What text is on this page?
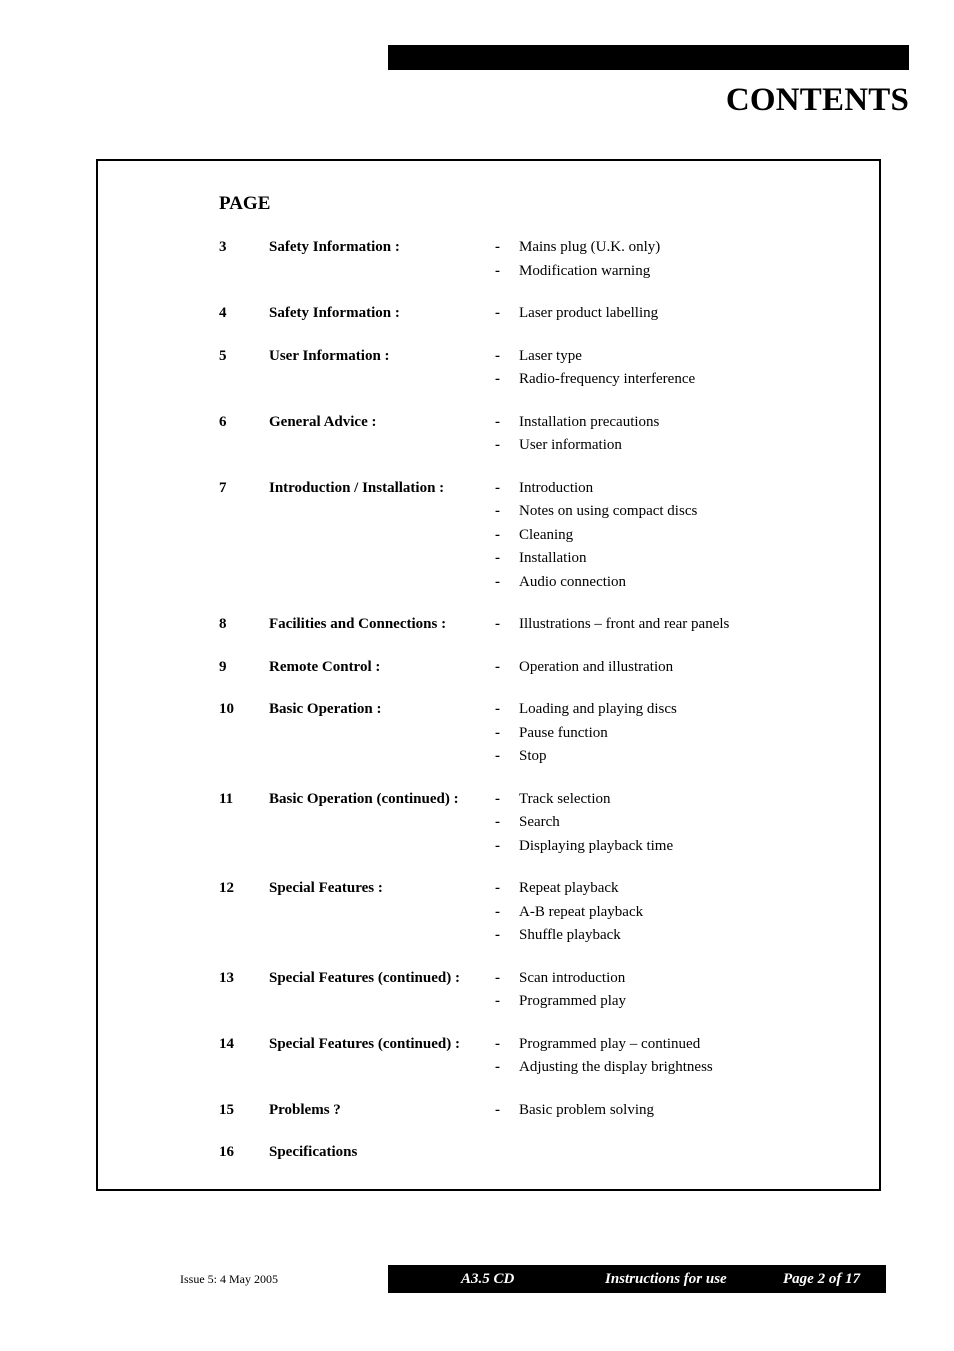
CONTENTS
PAGE
3	Safety Information :	- Mains plug (U.K. only)
- Modification warning
4	Safety Information :	- Laser product labelling
5	User Information :	- Laser type
- Radio-frequency interference
6	General Advice :	- Installation precautions
- User information
7	Introduction / Installation :	- Introduction
- Notes on using compact discs
- Cleaning
- Installation
- Audio connection
8	Facilities and Connections :	- Illustrations – front and rear panels
9	Remote Control :	- Operation and illustration
10 Basic Operation :	- Loading and playing discs
- Pause function
- Stop
11 Basic Operation (continued) : - Track selection
- Search
- Displaying playback time
12 Special Features :	- Repeat playback
- A-B repeat playback
- Shuffle playback
13 Special Features (continued) : - Scan introduction
- Programmed play
14 Special Features (continued) : - Programmed play – continued
- Adjusting the display brightness
15 Problems ?	- Basic problem solving
16 Specifications
Issue 5: 4 May 2005	A3.5 CD	Instructions for use	Page 2 of 17
